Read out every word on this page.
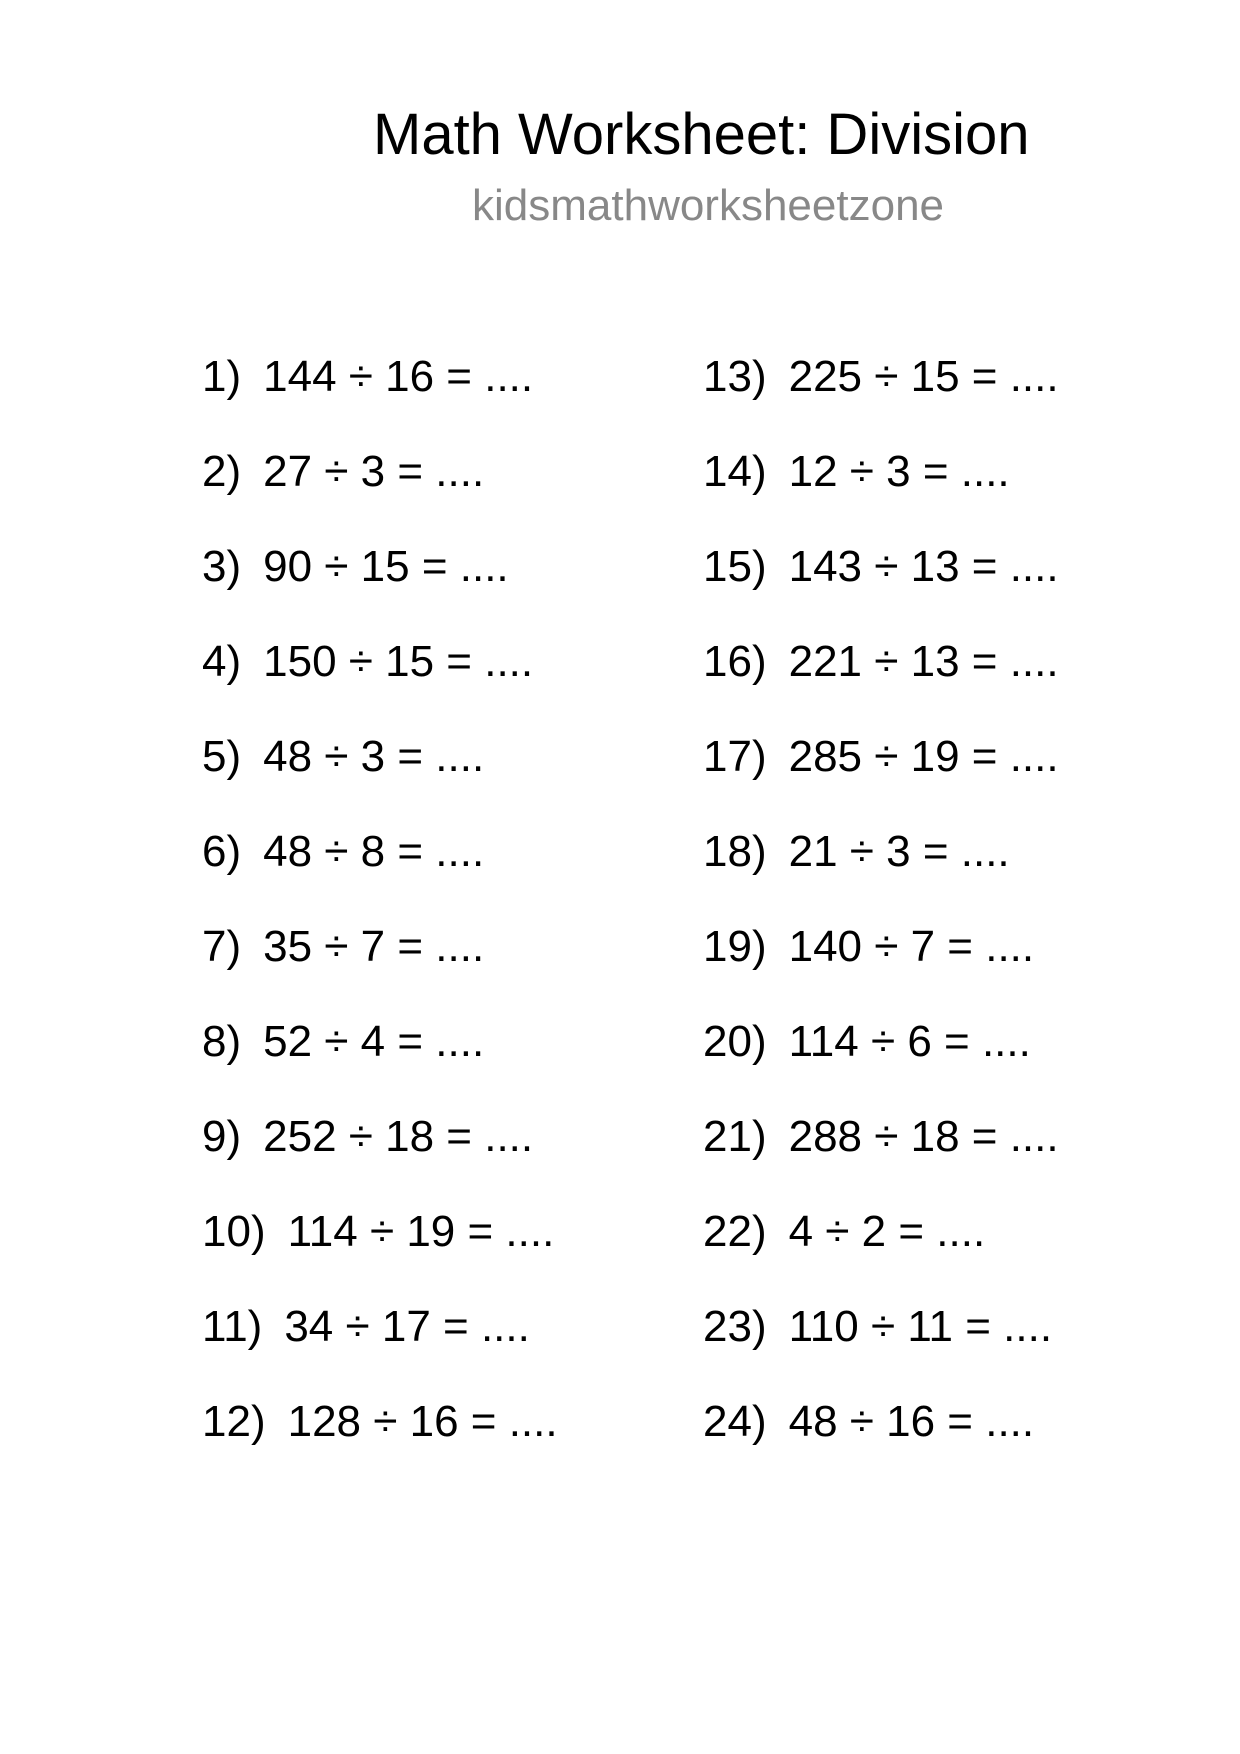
Math Worksheet: Division
kidsmathworksheetzone
1) 144 ÷ 16 = ....
2) 27 ÷ 3 = ....
3) 90 ÷ 15 = ....
4) 150 ÷ 15 = ....
5) 48 ÷ 3 = ....
6) 48 ÷ 8 = ....
7) 35 ÷ 7 = ....
8) 52 ÷ 4 = ....
9) 252 ÷ 18 = ....
10) 114 ÷ 19 = ....
11) 34 ÷ 17 = ....
12) 128 ÷ 16 = ....
13) 225 ÷ 15 = ....
14) 12 ÷ 3 = ....
15) 143 ÷ 13 = ....
16) 221 ÷ 13 = ....
17) 285 ÷ 19 = ....
18) 21 ÷ 3 = ....
19) 140 ÷ 7 = ....
20) 114 ÷ 6 = ....
21) 288 ÷ 18 = ....
22) 4 ÷ 2 = ....
23) 110 ÷ 11 = ....
24) 48 ÷ 16 = ....
